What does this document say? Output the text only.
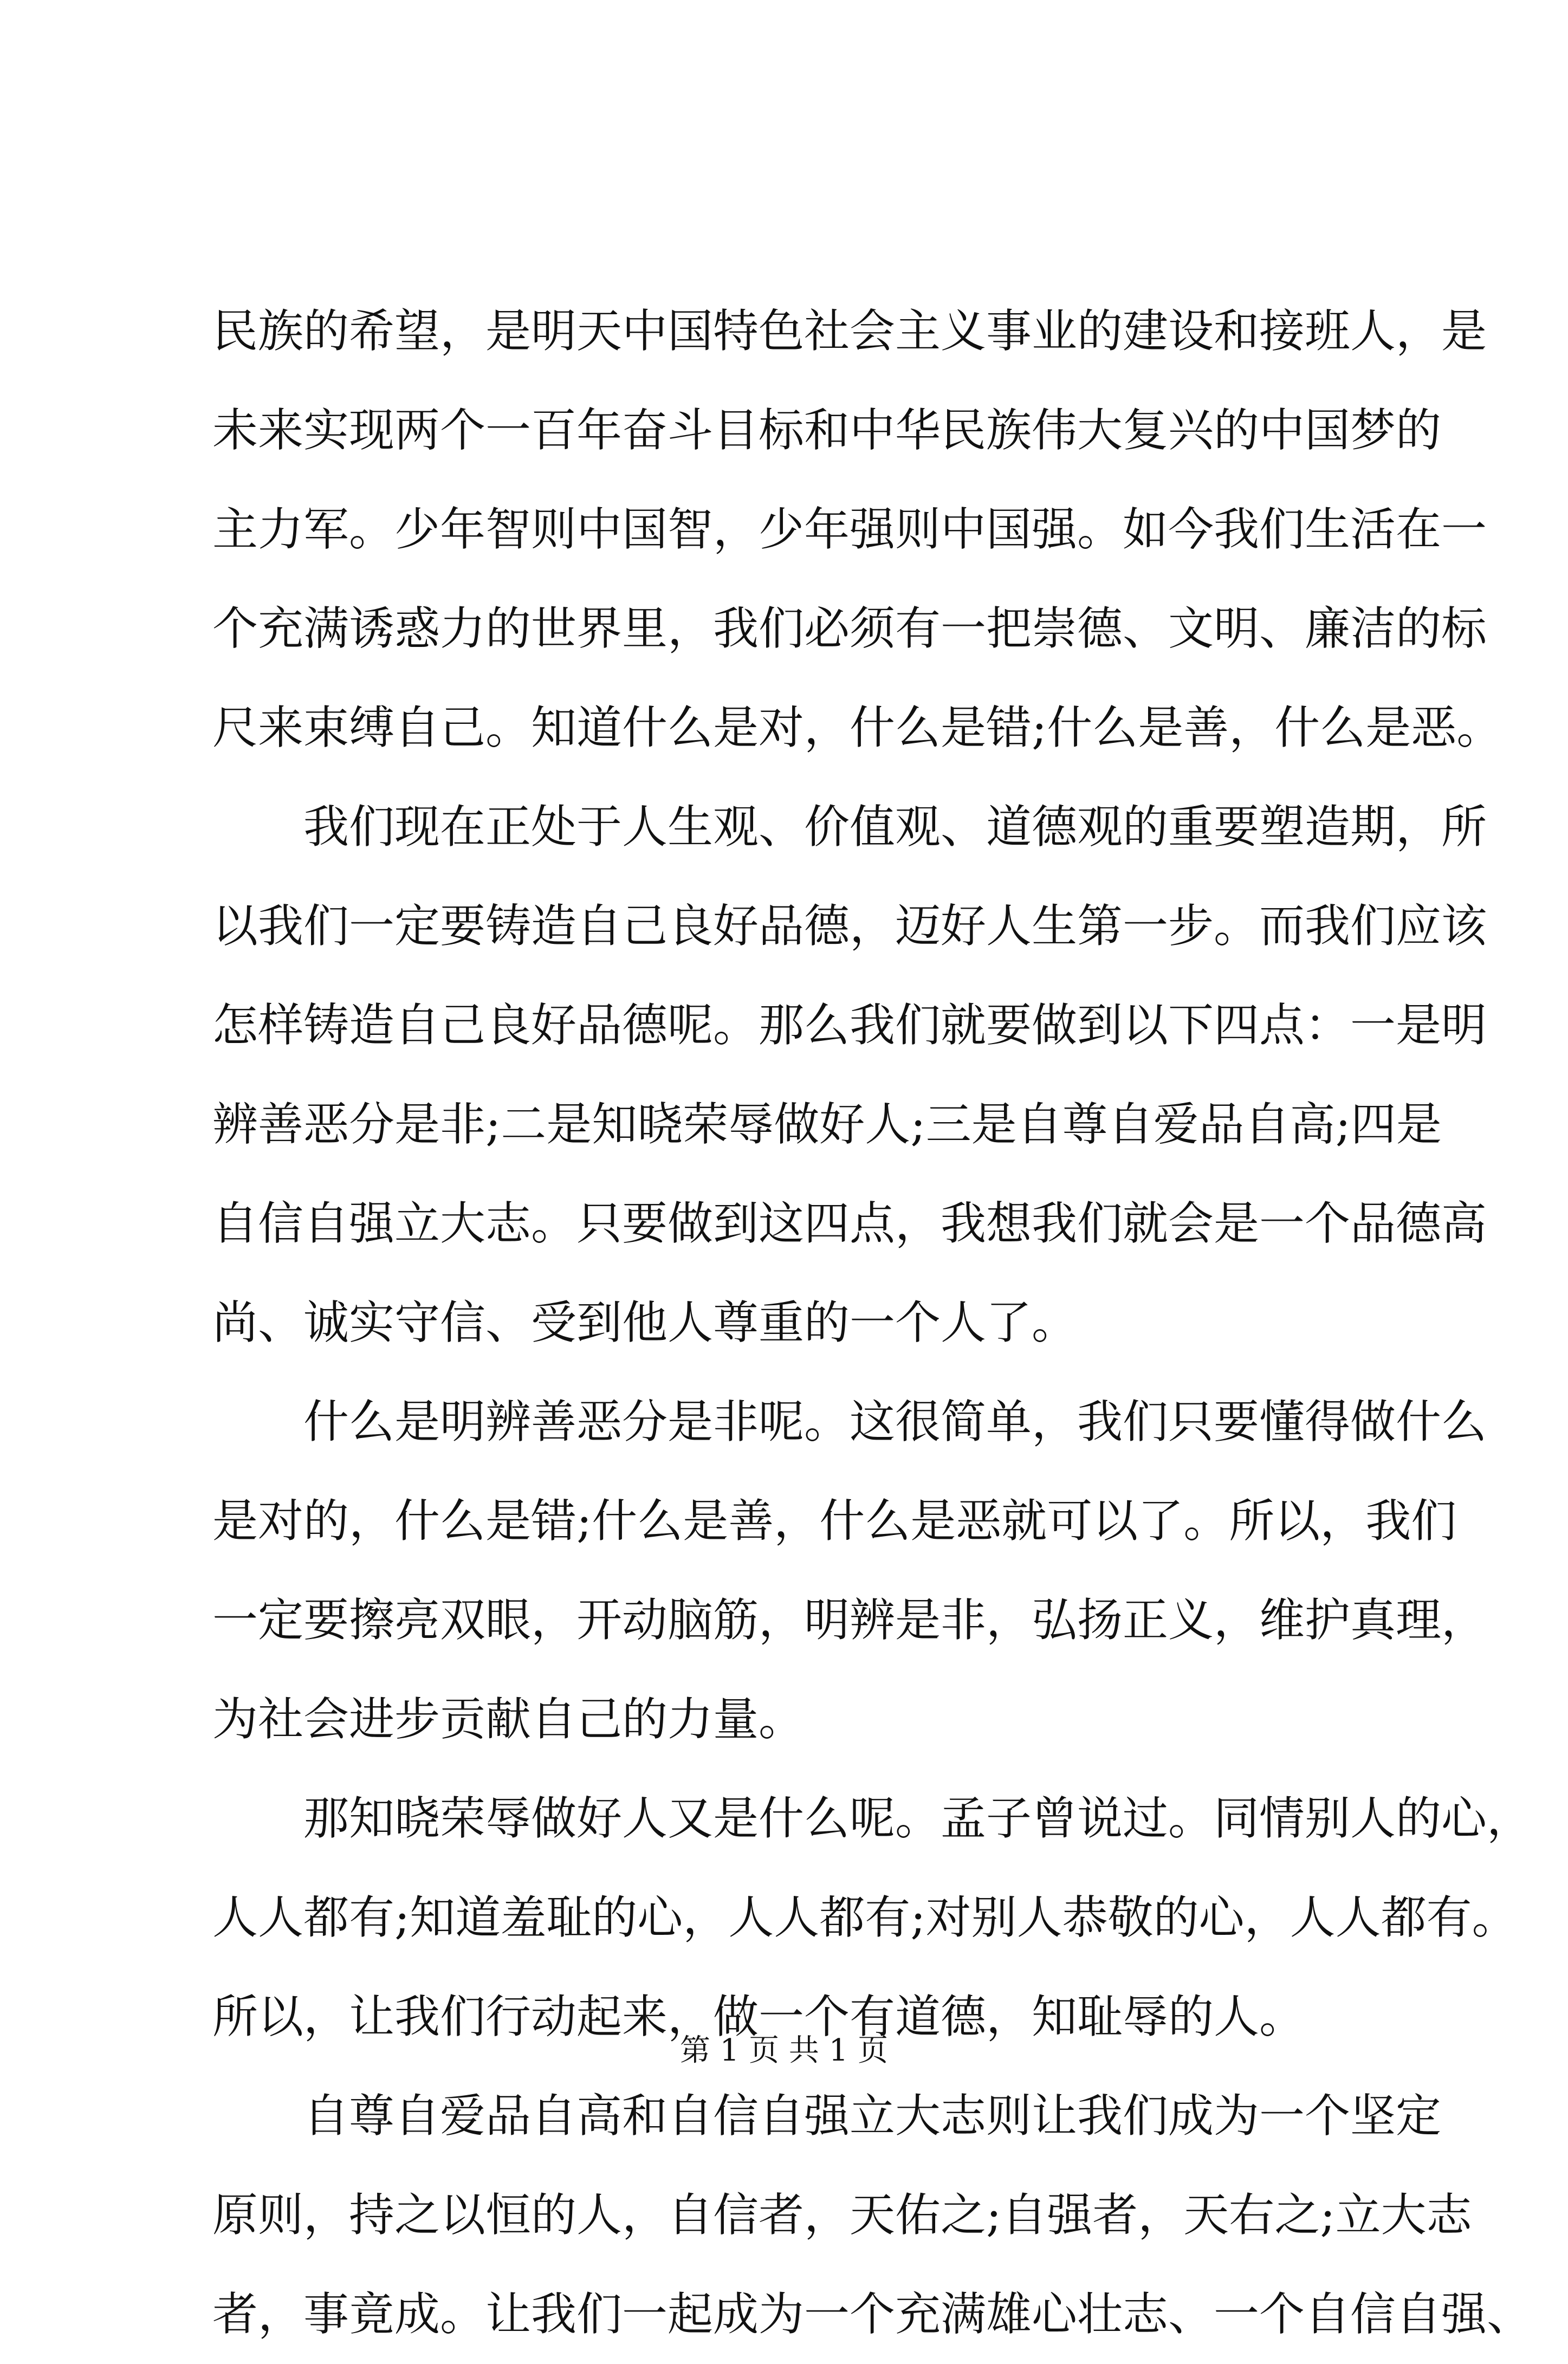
民族的希望，是明天中国特色社会主义事业的建设和接班人，是
未来实现两个一百年奋斗目标和中华民族伟大复兴的中国梦的
主力军。少年智则中国智，少年强则中国强。如今我们生活在一
个充满诱惑力的世界里，我们必须有一把崇德、文明、廉洁的标
尺来束缚自己。知道什么是对，什么是错;什么是善，什么是恶。
我们现在正处于人生观、价值观、道德观的重要塑造期，所
以我们一定要铸造自己良好品德，迈好人生第一步。而我们应该
怎样铸造自己良好品德呢。那么我们就要做到以下四点：一是明
辨善恶分是非;二是知晓荣辱做好人;三是自尊自爱品自高;四是
自信自强立大志。只要做到这四点，我想我们就会是一个品德高
尚、诚实守信、受到他人尊重的一个人了。
什么是明辨善恶分是非呢。这很简单，我们只要懂得做什么
是对的，什么是错;什么是善，什么是恶就可以了。所以，我们
一定要擦亮双眼，开动脑筋，明辨是非，弘扬正义，维护真理，
为社会进步贡献自己的力量。
那知晓荣辱做好人又是什么呢。孟子曾说过。同情别人的心，
人人都有;知道羞耻的心，人人都有;对别人恭敬的心，人人都有。
所以，让我们行动起来，做一个有道德，知耻辱的人。
自尊自爱品自高和自信自强立大志则让我们成为一个坚定
原则，持之以恒的人，自信者，天佑之;自强者，天右之;立大志
者，事竟成。让我们一起成为一个充满雄心壮志、一个自信自强、
第 1 页 共 1 页
